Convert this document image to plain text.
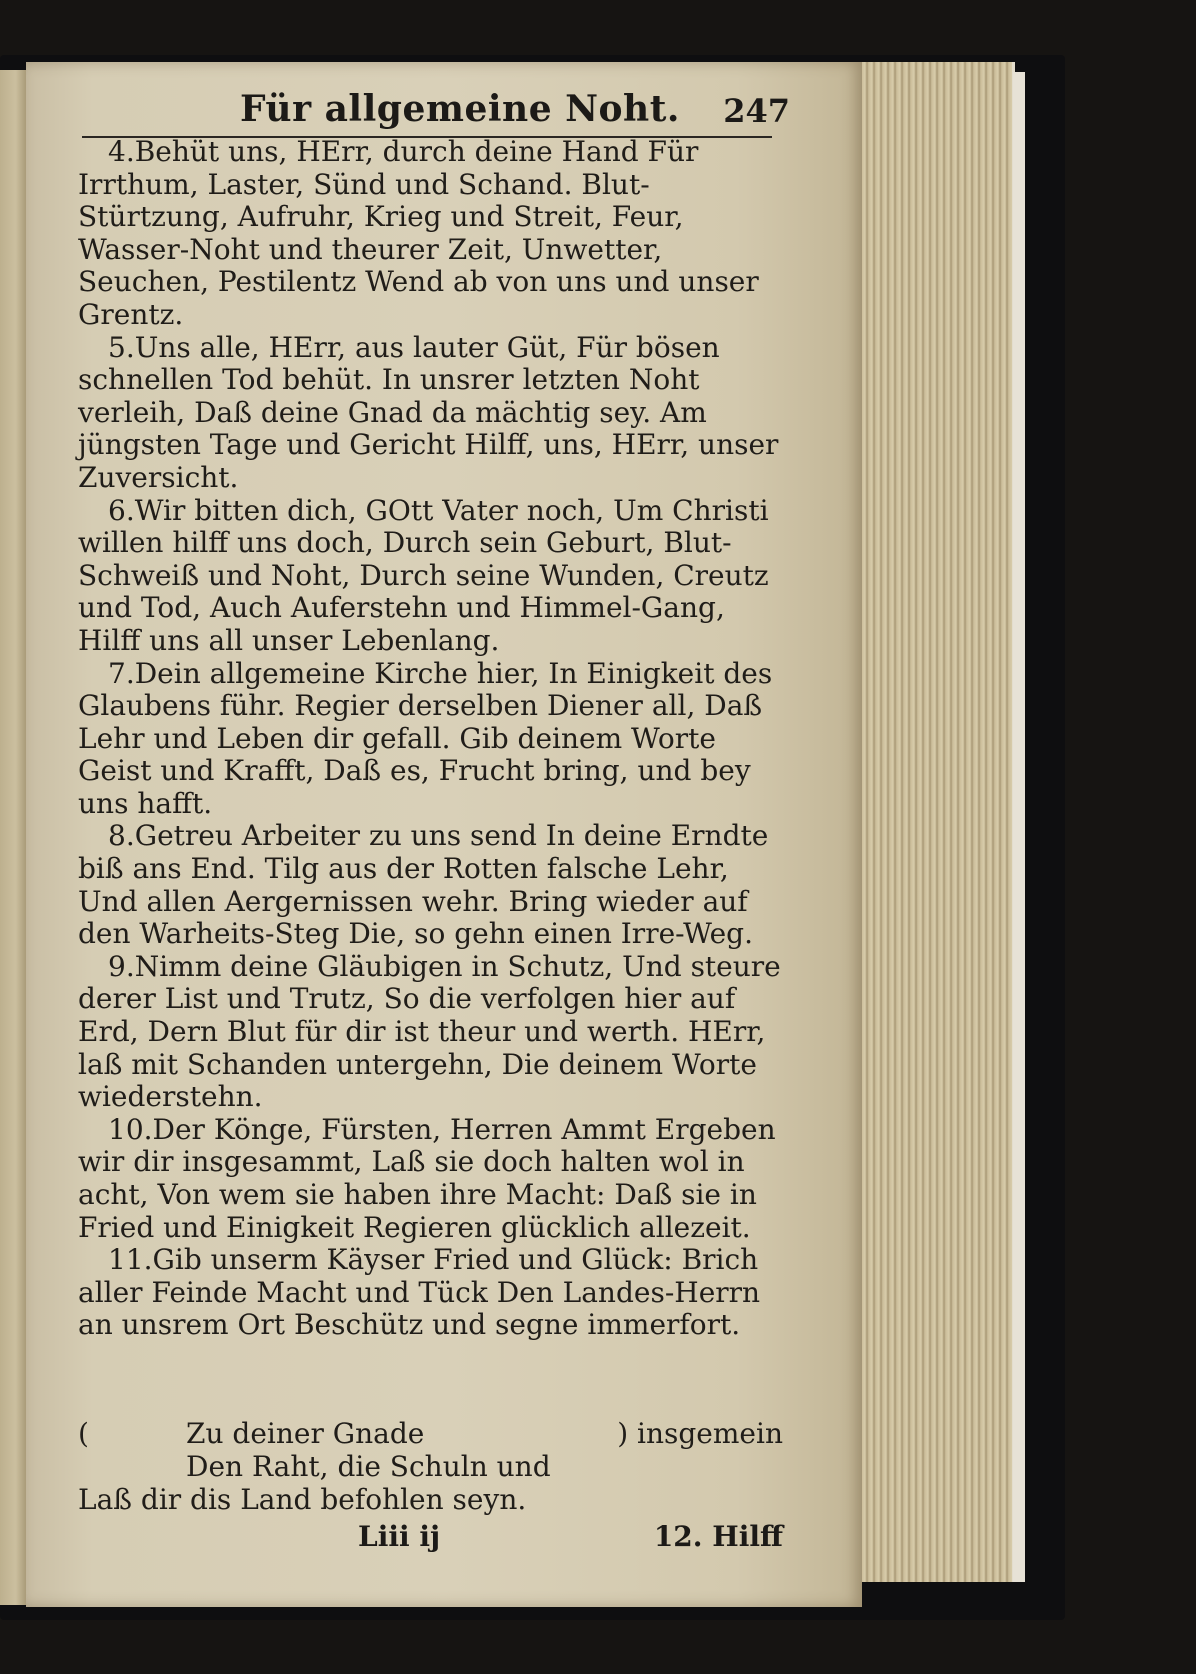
Für allgemeine Noht. 247

4.Behüt uns, HErr, durch deine Hand Für Irrthum, Laster, Sünd und Schand. Blut-Stürtzung, Aufruhr, Krieg und Streit, Feur, Wasser-Noht und theurer Zeit, Unwetter, Seuchen, Pestilentz Wend ab von uns und unser Grentz.

5.Uns alle, HErr, aus lauter Güt, Für bösen schnellen Tod behüt. In unsrer letzten Noht verleih, Daß deine Gnad da mächtig sey. Am jüngsten Tage und Gericht Hilff, uns, HErr, unser Zuversicht.

6.Wir bitten dich, GOtt Vater noch, Um Christi willen hilff uns doch, Durch sein Geburt, Blut-Schweiß und Noht, Durch seine Wunden, Creutz und Tod, Auch Auferstehn und Himmel-Gang, Hilff uns all unser Lebenlang.

7.Dein allgemeine Kirche hier, In Einigkeit des Glaubens führ. Regier derselben Diener all, Daß Lehr und Leben dir gefall. Gib deinem Worte Geist und Krafft, Daß es, Frucht bring, und bey uns hafft.

8.Getreu Arbeiter zu uns send In deine Erndte biß ans End. Tilg aus der Rotten falsche Lehr, Und allen Aergernissen wehr. Bring wieder auf den Warheits-Steg Die, so gehn einen Irre-Weg.

9.Nimm deine Gläubigen in Schutz, Und steure derer List und Trutz, So die verfolgen hier auf Erd, Dern Blut für dir ist theur und werth. HErr, laß mit Schanden untergehn, Die deinem Worte wiederstehn.

10.Der Könge, Fürsten, Herren Ammt Ergeben wir dir insgesammt, Laß sie doch halten wol in acht, Von wem sie haben ihre Macht: Daß sie in Fried und Einigkeit Regieren glücklich allezeit.

11.Gib unserm Käyser Fried und Glück: Brich aller Feinde Macht und Tück Den Landes-Herrn an unsrem Ort Beschütz und segne immerfort.

(	Zu deiner Gnade
Den Raht, die Schuln und
) insgemein
Laß dir dis Land befohlen seyn.
Liii ij	12. Hilff
